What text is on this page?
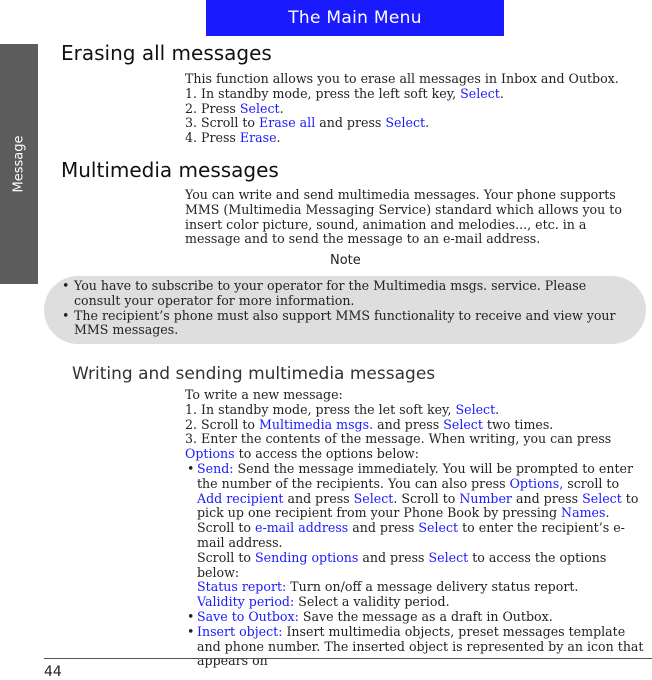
The Main Menu
Message
Erasing all messages

This function allows you to erase all messages in Inbox and Outbox.

1. In standby mode, press the left soft key, Select.

2. Press Select.

3. Scroll to Erase all and press Select.

4. Press Erase.

Multimedia messages

You can write and send multimedia messages. Your phone supports MMS (Multimedia Messaging Service) standard which allows you to insert color picture, sound, animation and melodies..., etc. in a message and to send the message to an e-mail address.

Note
• You have to subscribe to your operator for the Multimedia msgs. service. Please consult your operator for more information.
• The recipient’s phone must also support MMS functionality to receive and view your MMS messages.
Writing and sending multimedia messages

To write a new message:

1. In standby mode, press the let soft key, Select.

2. Scroll to Multimedia msgs. and press Select two times.

3. Enter the contents of the message. When writing, you can press Options to access the options below:

• Send: Send the message immediately. You will be prompted to enter the number of the recipients. You can also press Options, scroll to Add recipient and press Select. Scroll to Number and press Select to pick up one recipient from your Phone Book by pressing Names. Scroll to e-mail address and press Select to enter the recipient’s e-mail address.

Scroll to Sending options and press Select to access the options below:

Status report: Turn on/off a message delivery status report.

Validity period: Select a validity period.

• Save to Outbox: Save the message as a draft in Outbox.

• Insert object: Insert multimedia objects, preset messages template and phone number. The inserted object is represented by an icon that appears on

44
